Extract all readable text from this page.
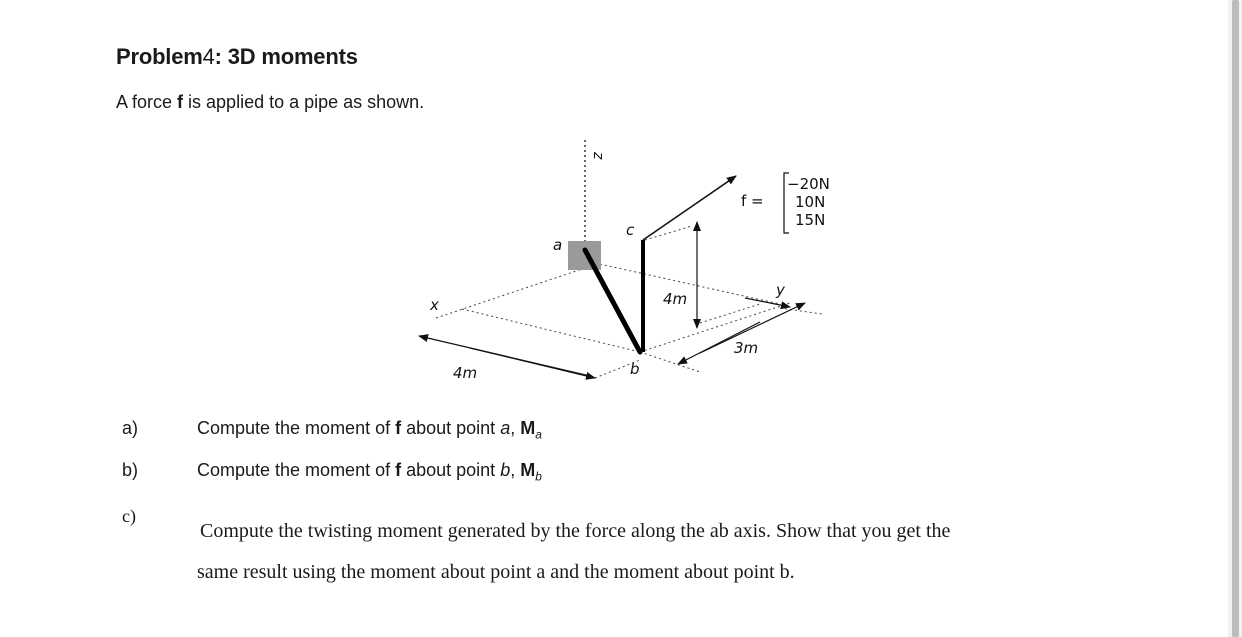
Problem4: 3D moments
A force f is applied to a pipe as shown.
z
y
x
4m
3m
4m
a
b
c
f =
−20N
10N
15N
a)	Compute the moment of f about point a, $M_a$
b)	Compute the moment of f about point b, $M_b$
c)
Compute the twisting moment generated by the force along the ab axis. Show that you get the
same result using the moment about point a and the moment about point b.
